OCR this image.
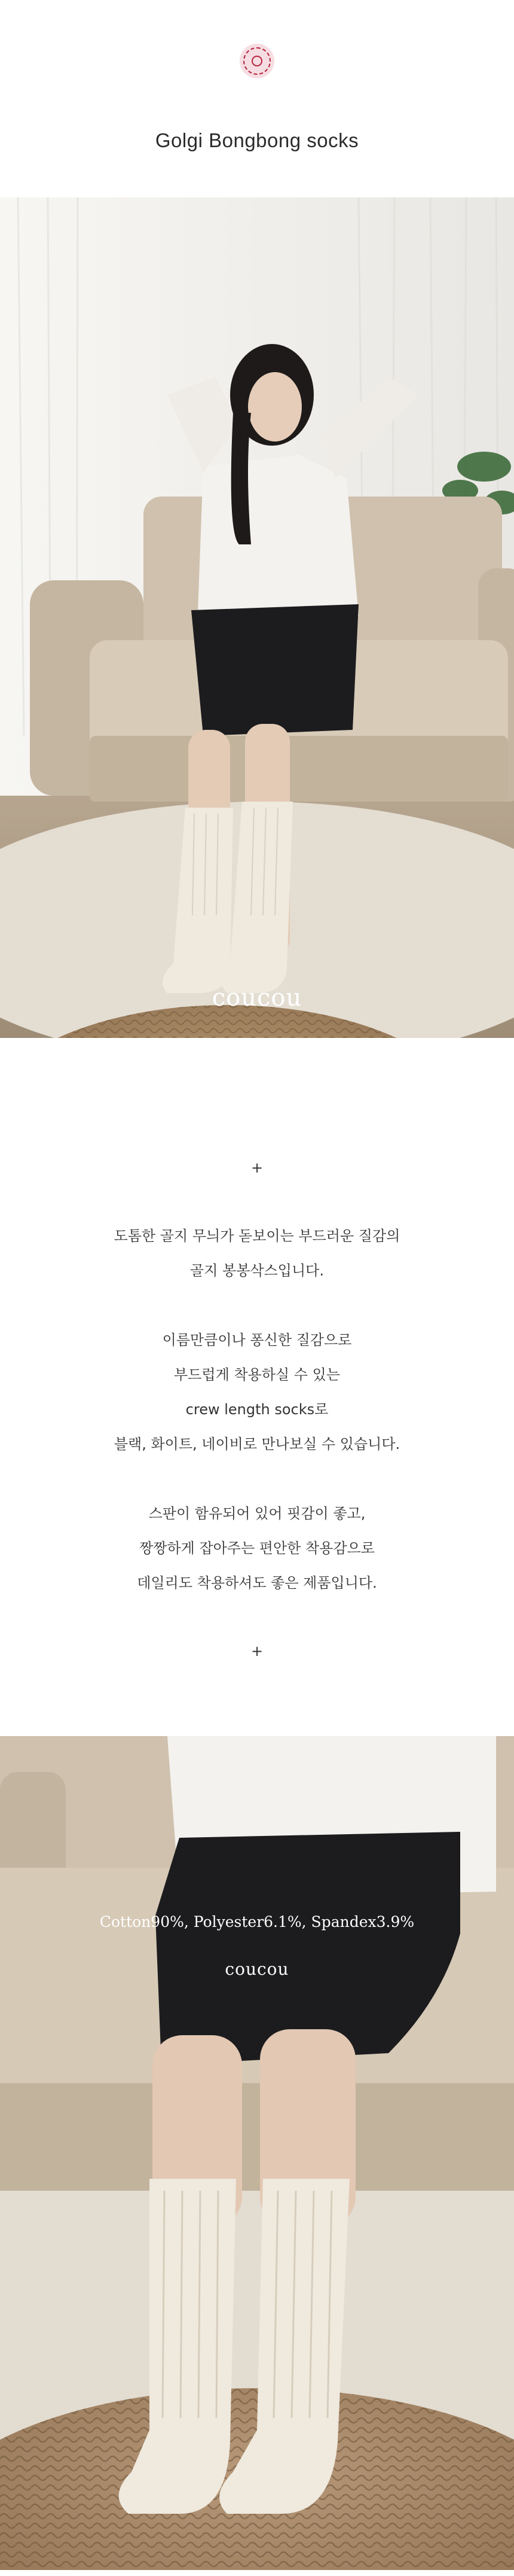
Golgi Bongbong socks
coucou
+
도톰한 골지 무늬가 돋보이는 부드러운 질감의
골지 봉봉삭스입니다.
이름만큼이나 퐁신한 질감으로
부드럽게 착용하실 수 있는
crew length socks로
블랙, 화이트, 네이비로 만나보실 수 있습니다.
스판이 함유되어 있어 핏감이 좋고,
짱짱하게 잡아주는 편안한 착용감으로
데일리도 착용하셔도 좋은 제품입니다.
+
Cotton90%, Polyester6.1%, Spandex3.9%
coucou
